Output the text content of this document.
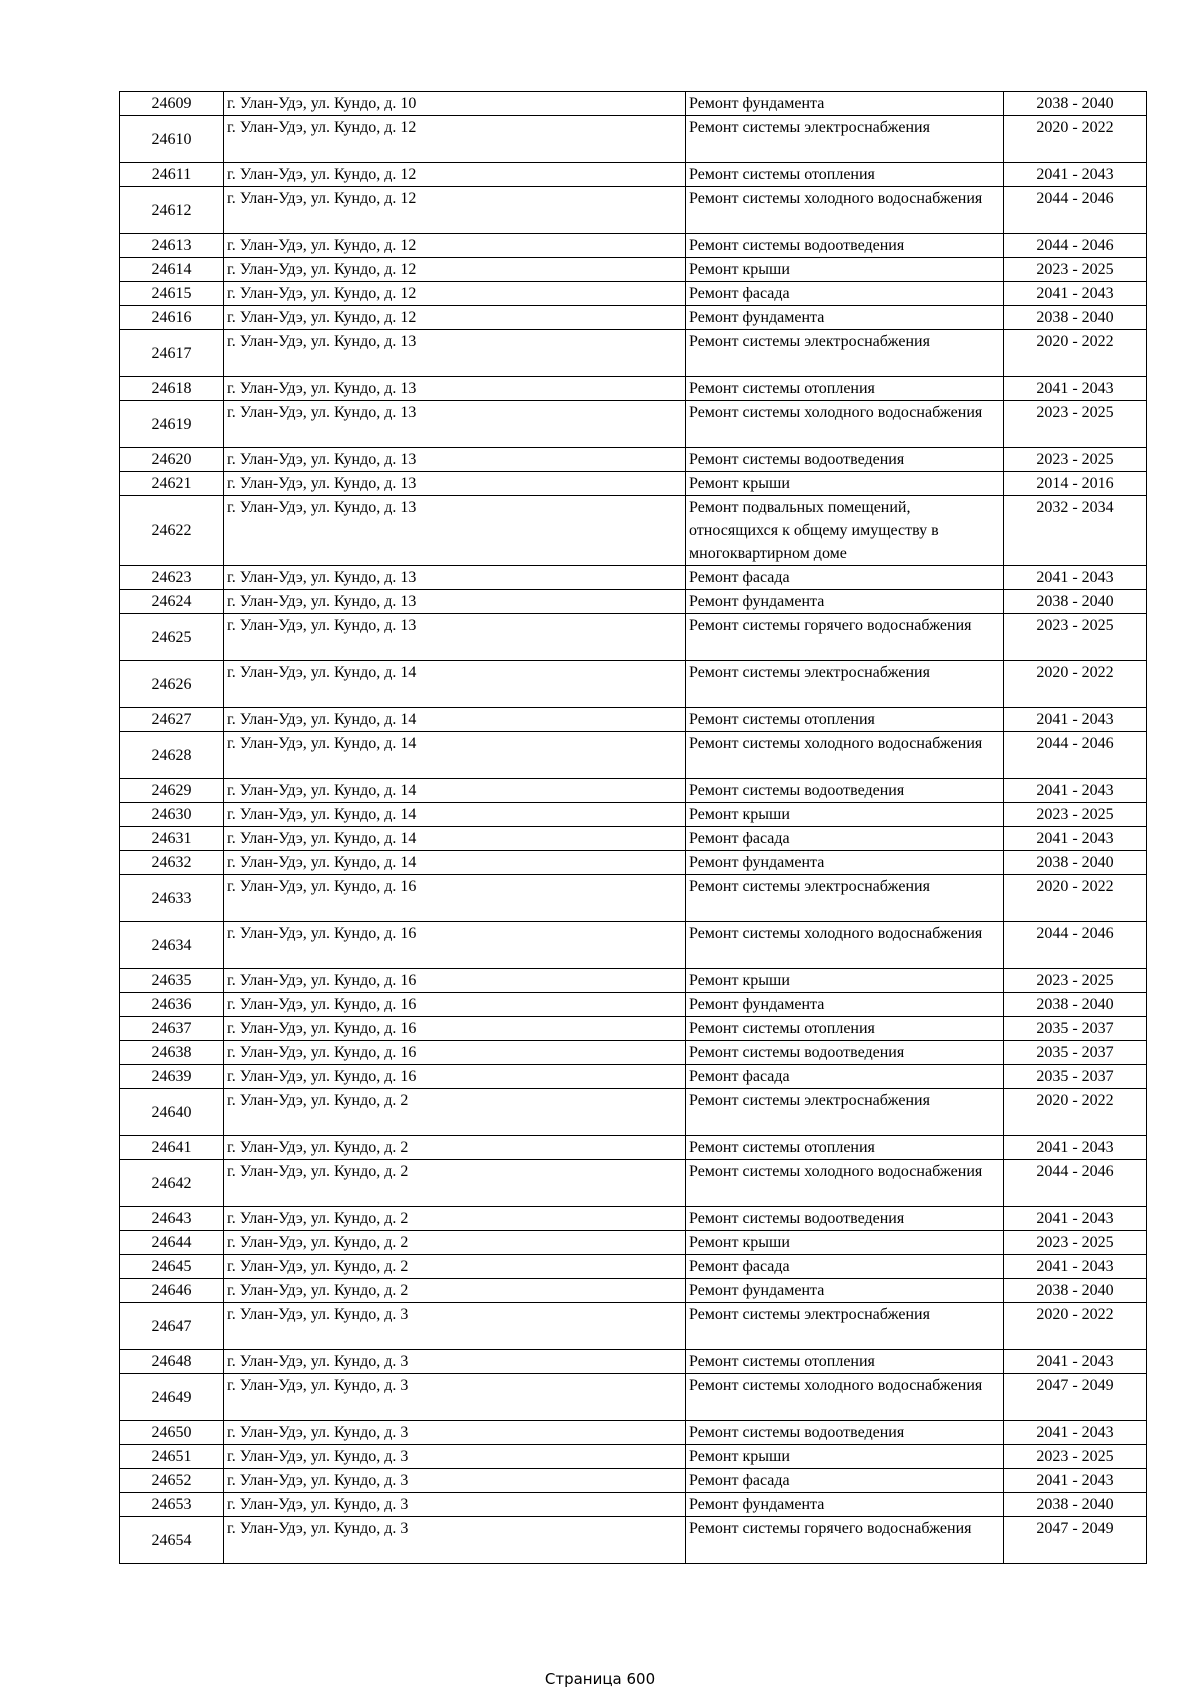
24609	г. Улан-Удэ, ул. Кундо, д. 10	Ремонт фундамента	2038 - 2040
24610	г. Улан-Удэ, ул. Кундо, д. 12	Ремонт системы электроснабжения	2020 - 2022
24611	г. Улан-Удэ, ул. Кундо, д. 12	Ремонт системы отопления	2041 - 2043
24612	г. Улан-Удэ, ул. Кундо, д. 12	Ремонт системы холодного водоснабжения	2044 - 2046
24613	г. Улан-Удэ, ул. Кундо, д. 12	Ремонт системы водоотведения	2044 - 2046
24614	г. Улан-Удэ, ул. Кундо, д. 12	Ремонт крыши	2023 - 2025
24615	г. Улан-Удэ, ул. Кундо, д. 12	Ремонт фасада	2041 - 2043
24616	г. Улан-Удэ, ул. Кундо, д. 12	Ремонт фундамента	2038 - 2040
24617	г. Улан-Удэ, ул. Кундо, д. 13	Ремонт системы электроснабжения	2020 - 2022
24618	г. Улан-Удэ, ул. Кундо, д. 13	Ремонт системы отопления	2041 - 2043
24619	г. Улан-Удэ, ул. Кундо, д. 13	Ремонт системы холодного водоснабжения	2023 - 2025
24620	г. Улан-Удэ, ул. Кундо, д. 13	Ремонт системы водоотведения	2023 - 2025
24621	г. Улан-Удэ, ул. Кундо, д. 13	Ремонт крыши	2014 - 2016
24622	г. Улан-Удэ, ул. Кундо, д. 13	Ремонт подвальных помещений, относящихся к общему имуществу в многоквартирном доме	2032 - 2034
24623	г. Улан-Удэ, ул. Кундо, д. 13	Ремонт фасада	2041 - 2043
24624	г. Улан-Удэ, ул. Кундо, д. 13	Ремонт фундамента	2038 - 2040
24625	г. Улан-Удэ, ул. Кундо, д. 13	Ремонт системы горячего водоснабжения	2023 - 2025
24626	г. Улан-Удэ, ул. Кундо, д. 14	Ремонт системы электроснабжения	2020 - 2022
24627	г. Улан-Удэ, ул. Кундо, д. 14	Ремонт системы отопления	2041 - 2043
24628	г. Улан-Удэ, ул. Кундо, д. 14	Ремонт системы холодного водоснабжения	2044 - 2046
24629	г. Улан-Удэ, ул. Кундо, д. 14	Ремонт системы водоотведения	2041 - 2043
24630	г. Улан-Удэ, ул. Кундо, д. 14	Ремонт крыши	2023 - 2025
24631	г. Улан-Удэ, ул. Кундо, д. 14	Ремонт фасада	2041 - 2043
24632	г. Улан-Удэ, ул. Кундо, д. 14	Ремонт фундамента	2038 - 2040
24633	г. Улан-Удэ, ул. Кундо, д. 16	Ремонт системы электроснабжения	2020 - 2022
24634	г. Улан-Удэ, ул. Кундо, д. 16	Ремонт системы холодного водоснабжения	2044 - 2046
24635	г. Улан-Удэ, ул. Кундо, д. 16	Ремонт крыши	2023 - 2025
24636	г. Улан-Удэ, ул. Кундо, д. 16	Ремонт фундамента	2038 - 2040
24637	г. Улан-Удэ, ул. Кундо, д. 16	Ремонт системы отопления	2035 - 2037
24638	г. Улан-Удэ, ул. Кундо, д. 16	Ремонт системы водоотведения	2035 - 2037
24639	г. Улан-Удэ, ул. Кундо, д. 16	Ремонт фасада	2035 - 2037
24640	г. Улан-Удэ, ул. Кундо, д. 2	Ремонт системы электроснабжения	2020 - 2022
24641	г. Улан-Удэ, ул. Кундо, д. 2	Ремонт системы отопления	2041 - 2043
24642	г. Улан-Удэ, ул. Кундо, д. 2	Ремонт системы холодного водоснабжения	2044 - 2046
24643	г. Улан-Удэ, ул. Кундо, д. 2	Ремонт системы водоотведения	2041 - 2043
24644	г. Улан-Удэ, ул. Кундо, д. 2	Ремонт крыши	2023 - 2025
24645	г. Улан-Удэ, ул. Кундо, д. 2	Ремонт фасада	2041 - 2043
24646	г. Улан-Удэ, ул. Кундо, д. 2	Ремонт фундамента	2038 - 2040
24647	г. Улан-Удэ, ул. Кундо, д. 3	Ремонт системы электроснабжения	2020 - 2022
24648	г. Улан-Удэ, ул. Кундо, д. 3	Ремонт системы отопления	2041 - 2043
24649	г. Улан-Удэ, ул. Кундо, д. 3	Ремонт системы холодного водоснабжения	2047 - 2049
24650	г. Улан-Удэ, ул. Кундо, д. 3	Ремонт системы водоотведения	2041 - 2043
24651	г. Улан-Удэ, ул. Кундо, д. 3	Ремонт крыши	2023 - 2025
24652	г. Улан-Удэ, ул. Кундо, д. 3	Ремонт фасада	2041 - 2043
24653	г. Улан-Удэ, ул. Кундо, д. 3	Ремонт фундамента	2038 - 2040
24654	г. Улан-Удэ, ул. Кундо, д. 3	Ремонт системы горячего водоснабжения	2047 - 2049
Страница 600
